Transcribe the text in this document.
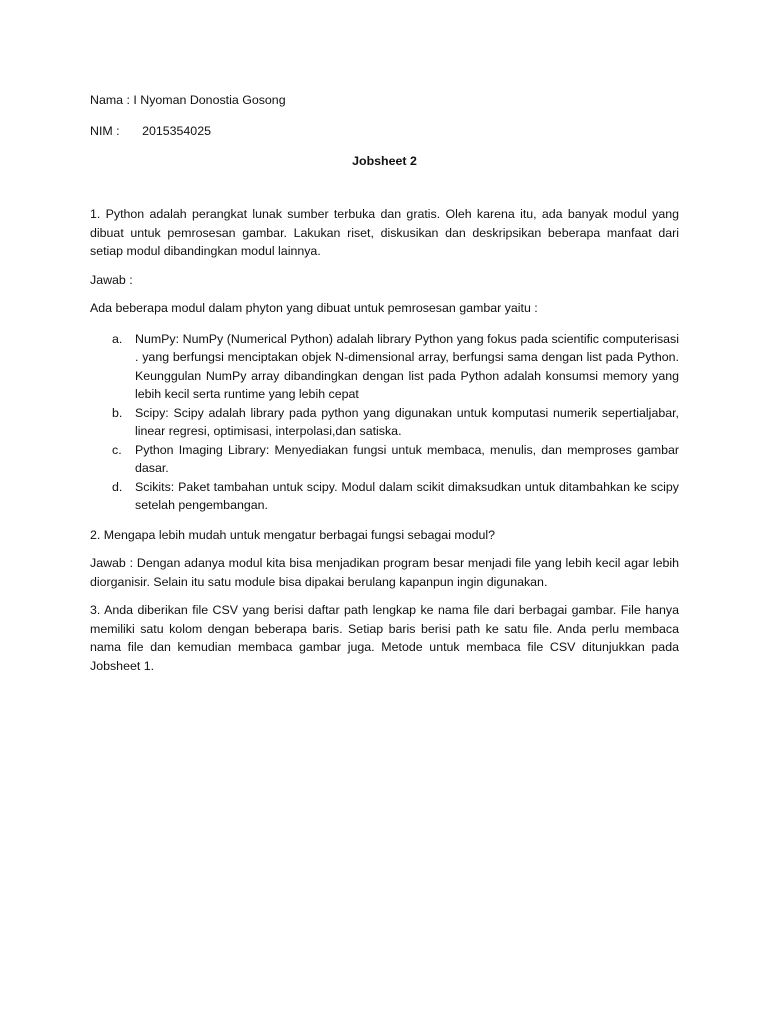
Nama : I Nyoman Donostia Gosong

NIM : 2015354025

Jobsheet 2

1. Python adalah perangkat lunak sumber terbuka dan gratis. Oleh karena itu, ada banyak modul yang dibuat untuk pemrosesan gambar. Lakukan riset, diskusikan dan deskripsikan beberapa manfaat dari setiap modul dibandingkan modul lainnya.

Jawab :

Ada beberapa modul dalam phyton yang dibuat untuk pemrosesan gambar yaitu :

a. NumPy: NumPy (Numerical Python) adalah library Python yang fokus pada scientific computerisasi . yang berfungsi menciptakan objek N-dimensional array, berfungsi sama dengan list pada Python. Keunggulan NumPy array dibandingkan dengan list pada Python adalah konsumsi memory yang lebih kecil serta runtime yang lebih cepat
b. Scipy: Scipy adalah library pada python yang digunakan untuk komputasi numerik sepertialjabar, linear regresi, optimisasi, interpolasi,dan satiska.
c. Python Imaging Library: Menyediakan fungsi untuk membaca, menulis, dan memproses gambar dasar.
d. Scikits: Paket tambahan untuk scipy. Modul dalam scikit dimaksudkan untuk ditambahkan ke scipy setelah pengembangan.

2. Mengapa lebih mudah untuk mengatur berbagai fungsi sebagai modul?

Jawab : Dengan adanya modul kita bisa menjadikan program besar menjadi file yang lebih kecil agar lebih diorganisir. Selain itu satu module bisa dipakai berulang kapanpun ingin digunakan.

3. Anda diberikan file CSV yang berisi daftar path lengkap ke nama file dari berbagai gambar. File hanya memiliki satu kolom dengan beberapa baris. Setiap baris berisi path ke satu file. Anda perlu membaca nama file dan kemudian membaca gambar juga. Metode untuk membaca file CSV ditunjukkan pada Jobsheet 1.
